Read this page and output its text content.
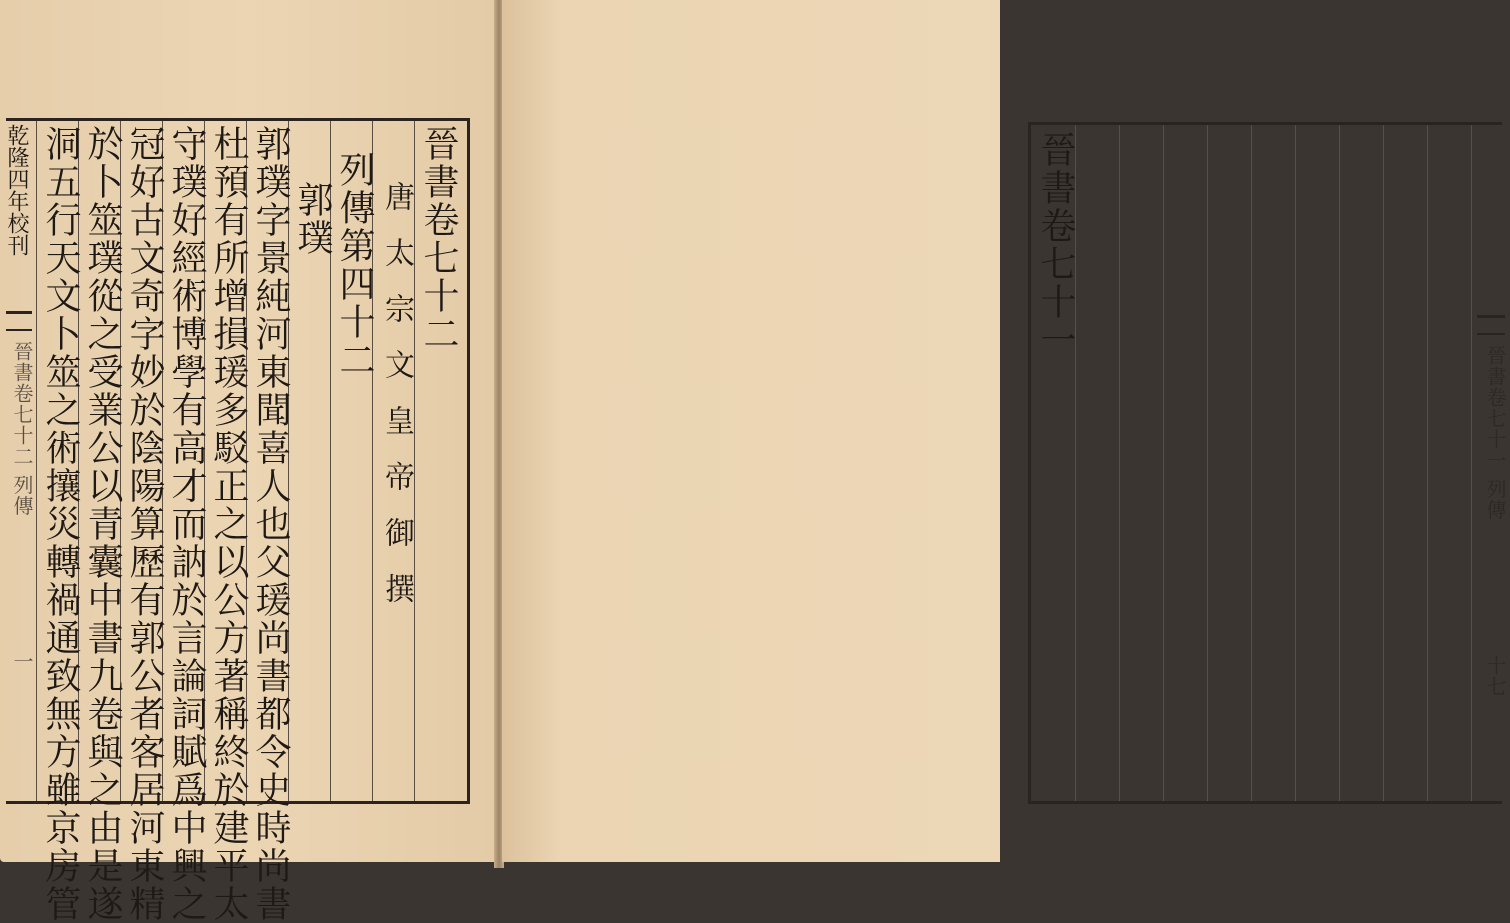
乾隆四年校刊	晉書卷七十二
唐太宗文皇帝御撰
列傳第四十二
郭璞
郭璞字景純河東聞喜人也父瑗尚書都令史時尚書
杜預有所增損瑗多駁正之以公方著稱終於建平太
守璞好經術博學有高才而訥於言論詞賦爲中興之
冠好古文奇字妙於陰陽算歷有郭公者客居河東精
於卜筮璞從之受業公以青囊中書九卷與之由是遂
洞五行天文卜筮之術攘災轉禍通致無方雖京房管
晉書卷七十二 列傳
一
晉書卷七十一
晉書卷七十一 列傳
十七
